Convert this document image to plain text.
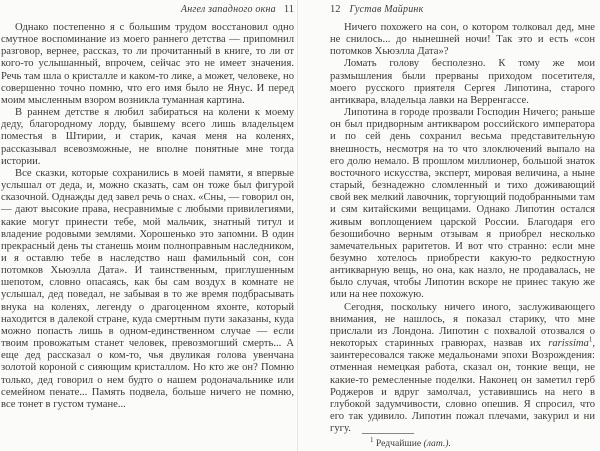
Ангел западного окна 11

Однако постепенно я с большим трудом восстановил одно смутное воспоминание из моего раннего детства — припомнил разговор, вернее, рассказ, то ли прочитанный в книге, то ли от кого-то услышанный, впрочем, сейчас это не имеет значения. Речь там шла о кристалле и каком-то лике, а может, человеке, но совершенно точно помню, что его имя было не Янус. И перед моим мысленным взором возникла туманная картина.

В раннем детстве я любил забираться на колени к моему деду, благородному лорду, бывшему всего лишь владельцем поместья в Штирии, и старик, качая меня на коленях, рассказывал всевозможные, не вполне понятные мне тогда истории.

Все сказки, которые сохранились в моей памяти, я впервые услышал от деда, и, можно сказать, сам он тоже был фигурой сказочной. Однажды дед завел речь о снах. «Сны, — говорил он, — дают высокие права, несравнимые с любыми привилегиями, какие могут принести тебе, мой мальчик, знатный титул и владение родовыми землями. Хорошенько это запомни. В один прекрасный день ты станешь моим полноправным наследником, и я оставлю тебе в наследство наш фамильный сон, сон потомков Хьюэлла Дата». И таинственным, приглушенным шепотом, словно опасаясь, как бы сам воздух в комнате не услышал, дед поведал, не забывая в то же время подбрасывать внука на коленях, легенду о драгоценном яхонте, который находится в далекой стране, куда смертным пути заказаны, куда можно попасть лишь в одном-единственном случае — если твоим провожатым станет человек, превозмогший смерть... А еще дед рассказал о ком-то, чья двуликая голова увенчана золотой короной с сияющим кристаллом. Но кто же он? Помню только, дед говорил о нем будто о нашем родоначальнике или семейном пенате... Память подвела, больше ничего не помню, все тонет в густом тумане...

12 Густав Майринк

Ничего похожего на сон, о котором толковал дед, мне не снилось... до нынешней ночи! Так это и есть «сон потомков Хьюэлла Дата»?

Ломать голову бесполезно. К тому же мои размышления были прерваны приходом посетителя, моего русского приятеля Сергея Липотина, старого антиквара, владельца лавки на Верренгассе.

Липотина в городе прозвали Господин Ничего; раньше он был придворным антикваром российского императора и по сей день сохранил весьма представительную внешность, несмотря на то что злоключений выпало на его долю немало. В прошлом миллионер, большой знаток восточного искусства, эксперт, мировая величина, а ныне старый, безнадежно сломленный и тихо доживающий свой век мелкий лавочник, торгующий подобранными там и сям китайскими вещицами. Однако Липотин остался живым воплощением царской России. Благодаря его безошибочно верным отзывам я приобрел несколько замечательных раритетов. И вот что странно: если мне безумно хотелось приобрести какую-то редкостную антикварную вещь, но она, как назло, не продавалась, не было случая, чтобы Липотин вскоре не принес такую же или на нее похожую.

Сегодня, поскольку ничего иного, заслуживающего внимания, не нашлось, я показал старику, что мне прислали из Лондона. Липотин с похвалой отозвался о некоторых старинных гравюрах, назвав их rarissima$^1$, заинтересовался также медальонами эпохи Возрождения: отменная немецкая работа, сказал он, тонкие вещи, не какие-то ремесленные поделки. Наконец он заметил герб Роджеров и вдруг замолчал, уставившись на него в глубокой задумчивости, словно опешив. Я спросил, что его так удивило. Липотин пожал плечами, закурил и ни гугу.

$^1$ Редчайшие (лат.).
